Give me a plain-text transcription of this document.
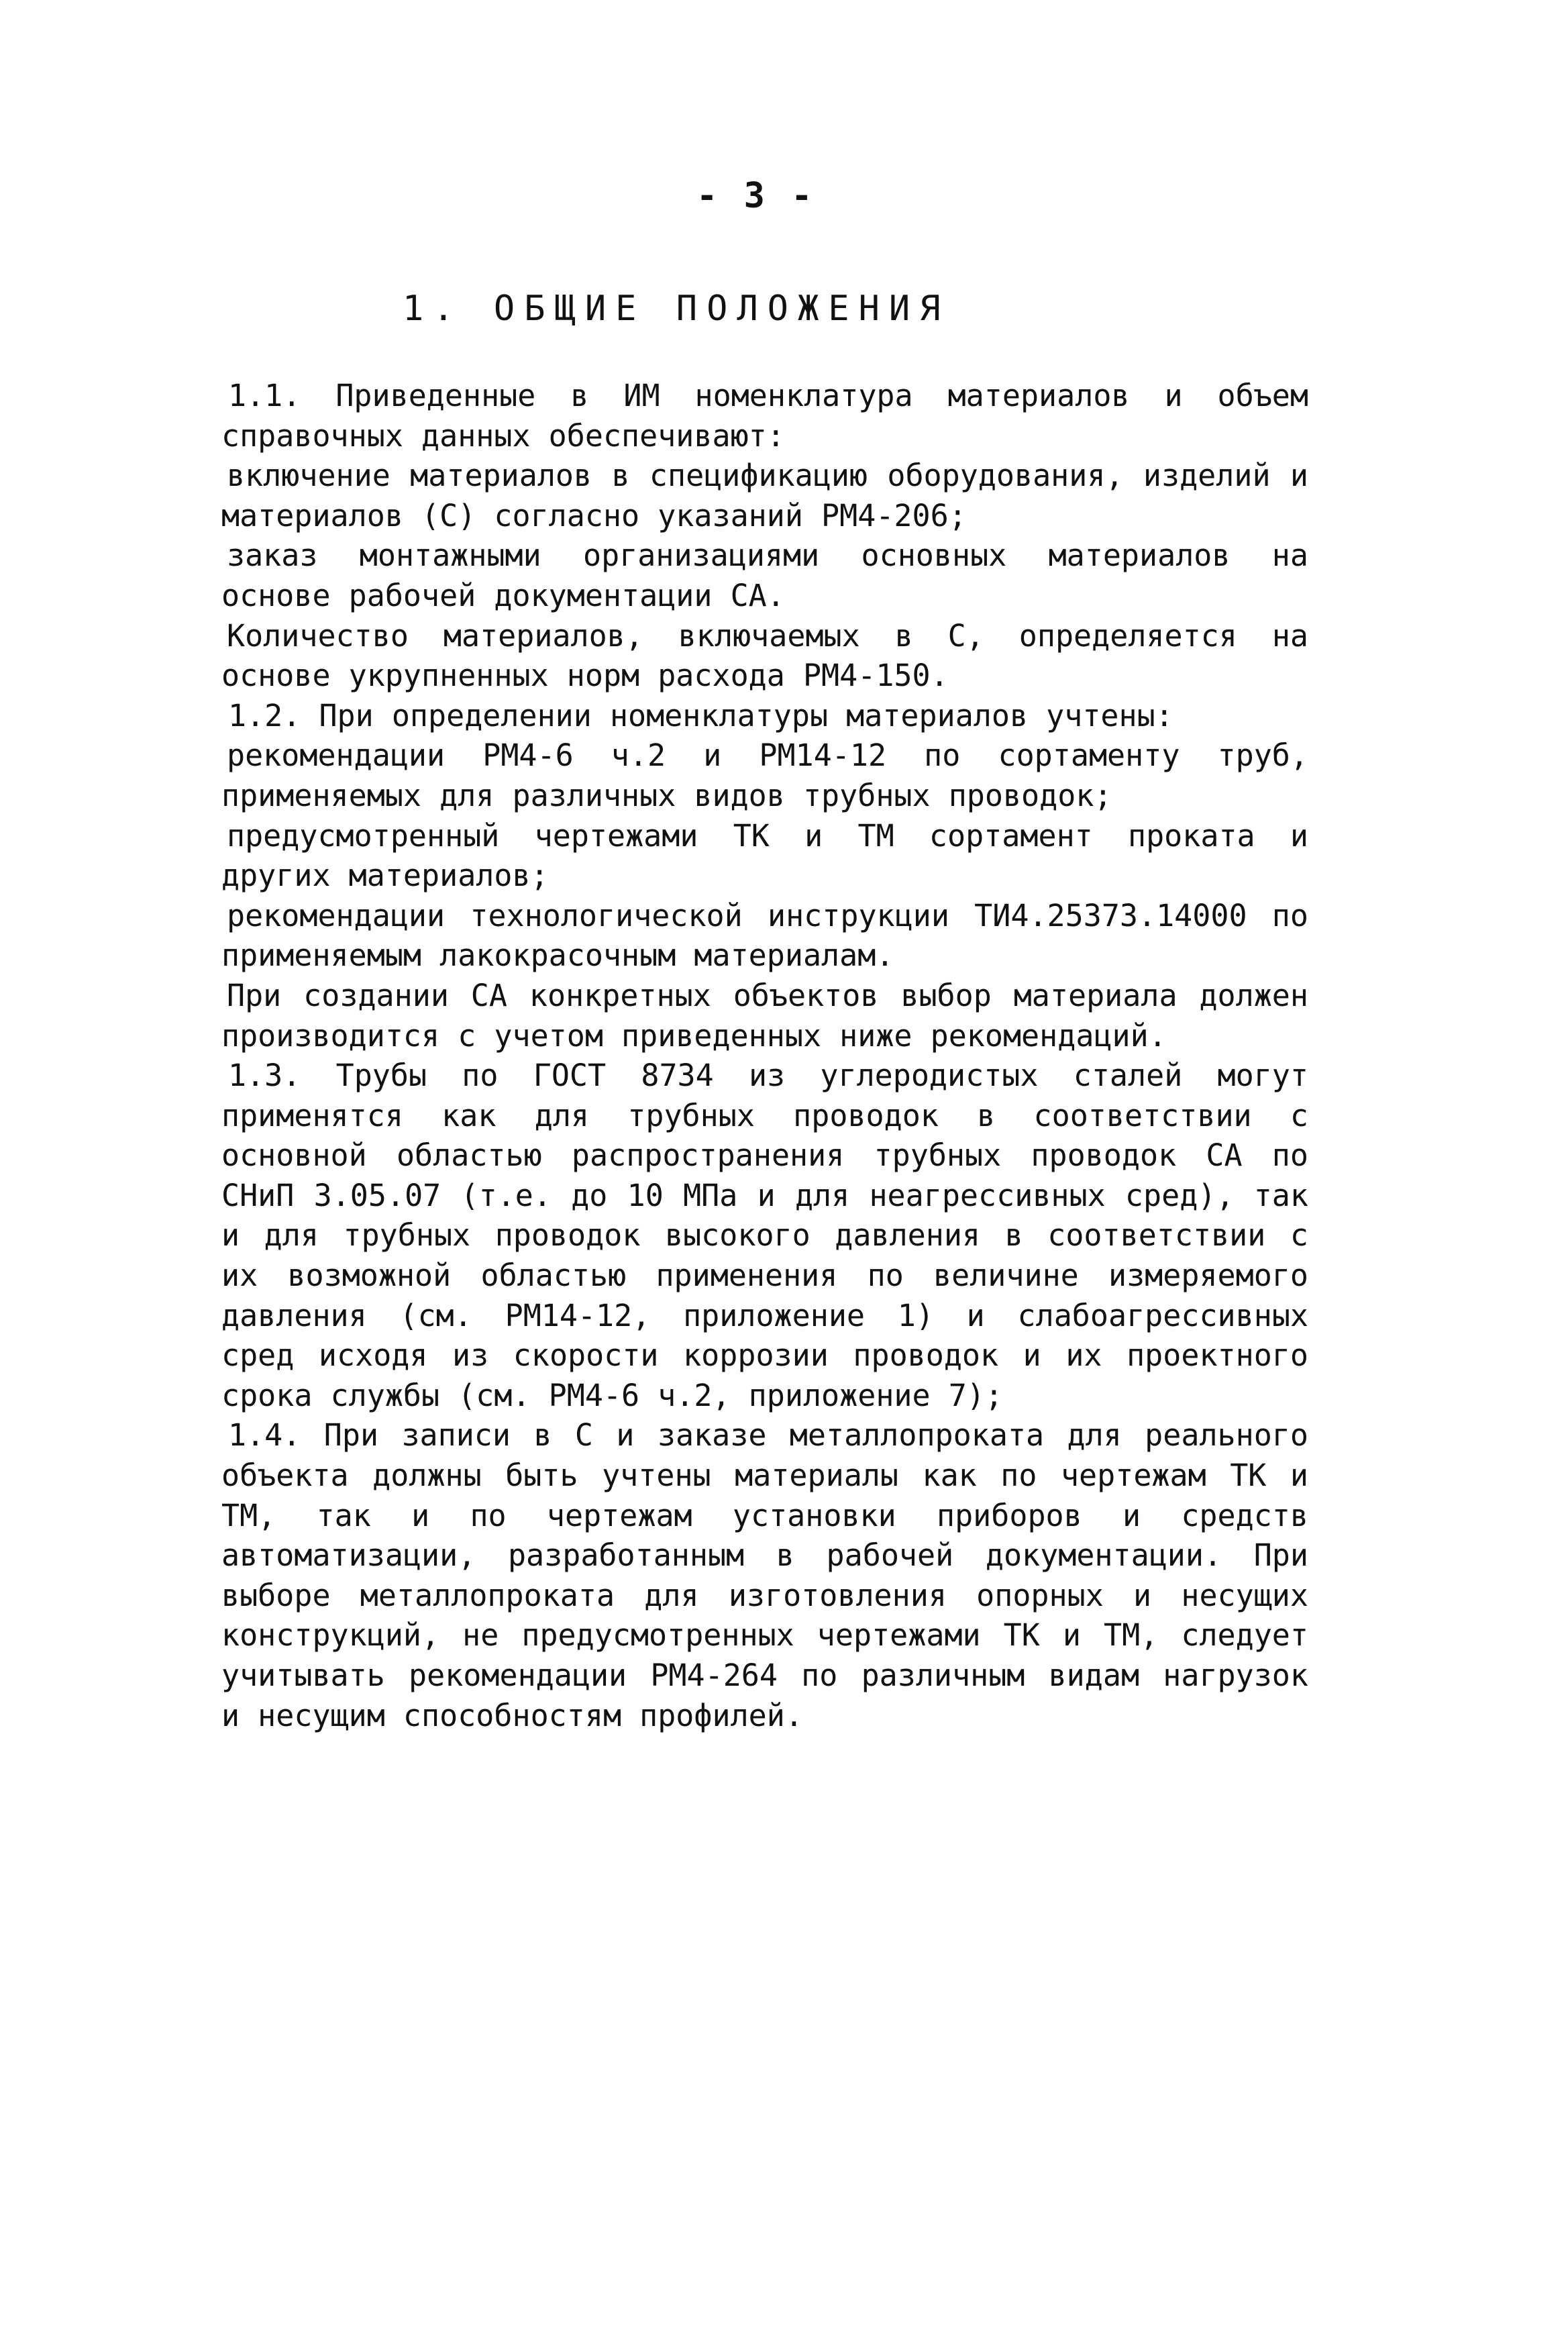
- 3 -
1. ОБЩИЕ ПОЛОЖЕНИЯ

1.1. Приведенные в ИМ номенклатура материалов и объем справочных данных обеспечивают:

включение материалов в спецификацию оборудования, изделий и материалов (С) согласно указаний РМ4-206;

заказ монтажными организациями основных материалов на основе рабочей документации СА.

Количество материалов, включаемых в С, определяется на основе укрупненных норм расхода РМ4-150.

1.2. При определении номенклатуры материалов учтены:

рекомендации РМ4-6 ч.2 и РМ14-12 по сортаменту труб, применяемых для различных видов трубных проводок;

предусмотренный чертежами ТК и ТМ сортамент проката и других материалов;

рекомендации технологической инструкции ТИ4.25373.14000 по применяемым лакокрасочным материалам.

При создании СА конкретных объектов выбор материала должен производится с учетом приведенных ниже рекомендаций.

1.3. Трубы по ГОСТ 8734 из углеродистых сталей могут применятся как для трубных проводок в соответствии с основной областью распространения трубных проводок СА по СНиП 3.05.07 (т.е. до 10 МПа и для неагрессивных сред), так и для трубных проводок высокого давления в соответствии с их возможной областью применения по величине измеряемого давления (см. РМ14-12, приложение 1) и слабоагрессивных сред исходя из скорости коррозии проводок и их проектного срока службы (см. РМ4-6 ч.2, приложение 7);

1.4. При записи в С и заказе металлопроката для реального объекта должны быть учтены материалы как по чертежам ТК и ТМ, так и по чертежам установки приборов и средств автоматизации, разработанным в рабочей документации. При выборе металлопроката для изготовления опорных и несущих конструкций, не предусмотренных чертежами ТК и ТМ, следует учитывать рекомендации РМ4-264 по различным видам нагрузок и несущим способностям профилей.
